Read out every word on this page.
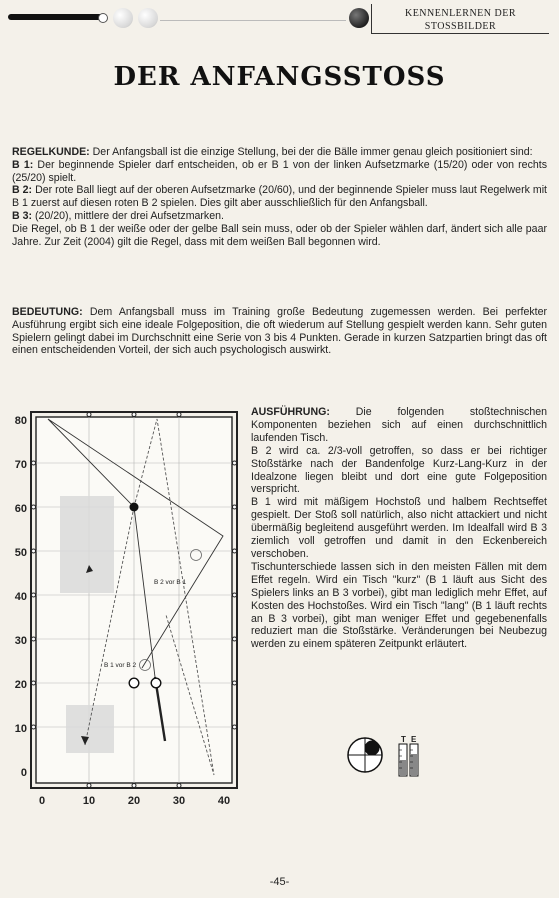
KENNENLERNEN DER
STOSSBILDER
DER ANFANGSSTOSS

REGELKUNDE: Der Anfangsball ist die einzige Stellung, bei der die Bälle immer genau gleich positioniert sind:
B 1: Der beginnende Spieler darf entscheiden, ob er B 1 von der linken Aufsetzmarke (15/20) oder von rechts (25/20) spielt.
B 2: Der rote Ball liegt auf der oberen Aufsetzmarke (20/60), und der beginnende Spieler muss laut Regelwerk mit B 1 zuerst auf diesen roten B 2 spielen. Dies gilt aber ausschließlich für den Anfangsball.
B 3: (20/20), mittlere der drei Aufsetzmarken.
Die Regel, ob B 1 der weiße oder der gelbe Ball sein muss, oder ob der Spieler wählen darf, ändert sich alle paar Jahre. Zur Zeit (2004) gilt die Regel, dass mit dem weißen Ball begonnen wird.

BEDEUTUNG: Dem Anfangsball muss im Training große Bedeutung zugemessen werden. Bei perfekter Ausführung ergibt sich eine ideale Folgeposition, die oft wiederum auf Stellung gespielt werden kann. Sehr guten Spielern gelingt dabei im Durchschnitt eine Serie von 3 bis 4 Punkten. Gerade in kurzen Satzpartien bringt das oft einen entscheidenden Vorteil, der sich auch psychologisch auswirkt.

80
70
60
50
40
30
20
10
0
0	10	20	30	40
B 2 vor B 1
B 1 vor B 2

AUSFÜHRUNG: Die folgenden stoßtechnischen Komponenten beziehen sich auf einen durchschnittlich laufenden Tisch.

B 2 wird ca. 2/3-voll getroffen, so dass er bei richtiger Stoßstärke nach der Bandenfolge Kurz-Lang-Kurz in der Idealzone liegen bleibt und dort eine gute Folgeposition verspricht.

B 1 wird mit mäßigem Hochstoß und halbem Rechtseffet gespielt. Der Stoß soll natürlich, also nicht attackiert und nicht übermäßig begleitend ausgeführt werden. Im Idealfall wird B 3 ziemlich voll getroffen und damit in den Eckenbereich verschoben.

Tischunterschiede lassen sich in den meisten Fällen mit dem Effet regeln. Wird ein Tisch "kurz" (B 1 läuft aus Sicht des Spielers links an B 3 vorbei), gibt man lediglich mehr Effet, auf Kosten des Hochstoßes. Wird ein Tisch "lang" (B 1 läuft rechts an B 3 vorbei), gibt man weniger Effet und gegebenenfalls reduziert man die Stoßstärke. Veränderungen bei Neubezug werden zu einem späteren Zeitpunkt erläutert.

T E
-45-
